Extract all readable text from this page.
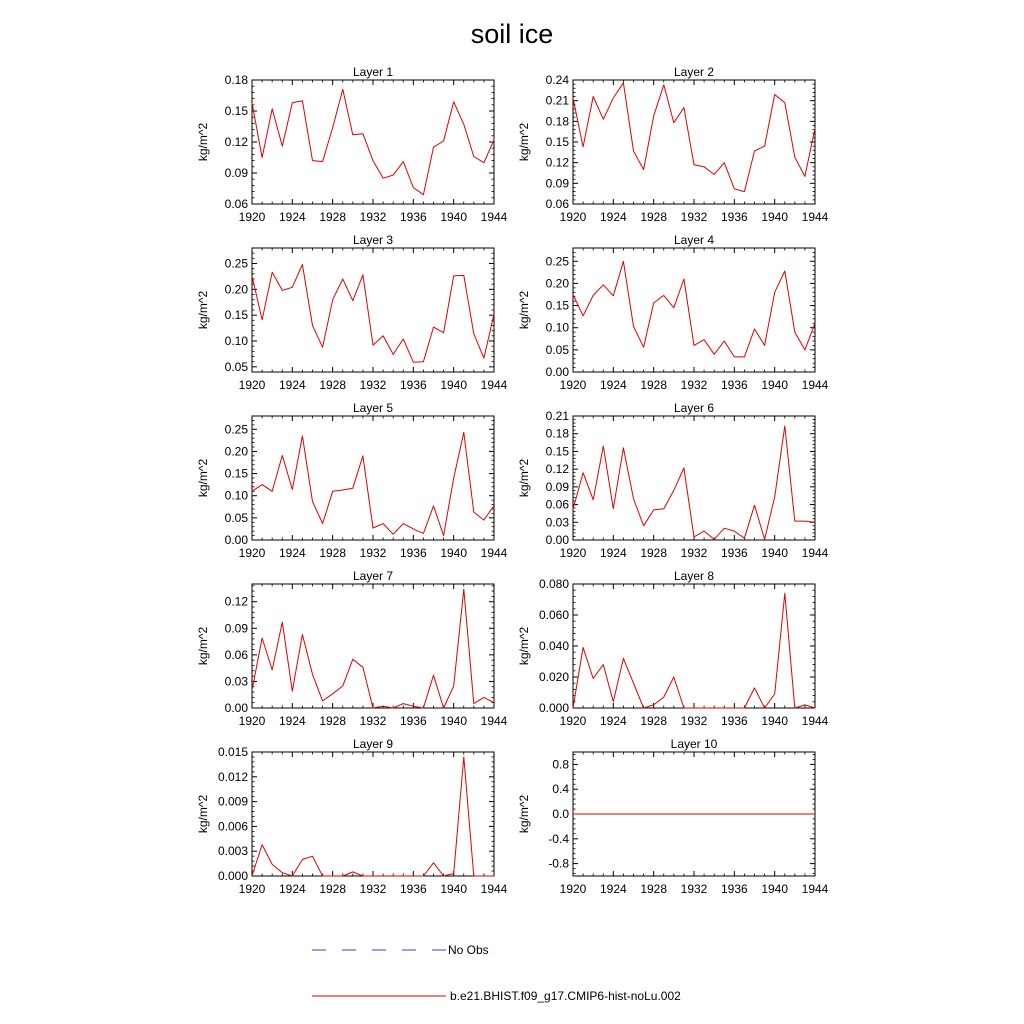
soil ice
Layer 1
1920 1924 1928 1932 1936 1940 1944
0.06
0.09
0.12
0.15
0.18
kg/m^2
Layer 2
1920 1924 1928 1932 1936 1940 1944
0.06
0.09
0.12
0.15
0.18
0.21
0.24
kg/m^2
Layer 3
1920 1924 1928 1932 1936 1940 1944
0.05
0.10
0.15
0.20
0.25
kg/m^2
Layer 4
1920 1924 1928 1932 1936 1940 1944
0.00
0.05
0.10
0.15
0.20
0.25
kg/m^2
Layer 5
1920 1924 1928 1932 1936 1940 1944
0.00
0.05
0.10
0.15
0.20
0.25
kg/m^2
Layer 6
1920 1924 1928 1932 1936 1940 1944
0.00
0.03
0.06
0.09
0.12
0.15
0.18
0.21
kg/m^2
Layer 7
1920 1924 1928 1932 1936 1940 1944
0.00
0.03
0.06
0.09
0.12
kg/m^2
Layer 8
1920 1924 1928 1932 1936 1940 1944
0.000
0.020
0.040
0.060
0.080
kg/m^2
Layer 9
1920 1924 1928 1932 1936 1940 1944
0.000
0.003
0.006
0.009
0.012
0.015
kg/m^2
Layer 10
1920 1924 1928 1932 1936 1940 1944
-0.8
-0.4
0.0
0.4
0.8
kg/m^2
No Obs
b.e21.BHIST.f09_g17.CMIP6-hist-noLu.002
